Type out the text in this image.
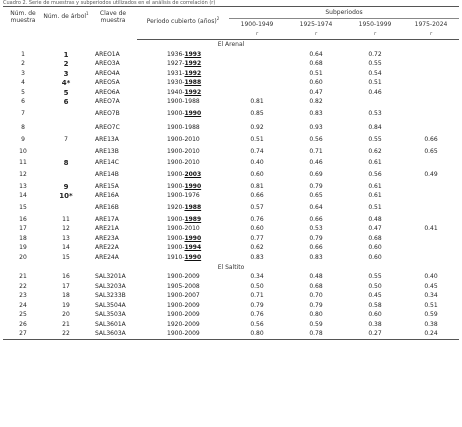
Cuadro 2. Serie de muestras y subperiodos utilizados en el análisis de correlación (r)
Núm. de muestra	Núm. de árbol$^1$	Clave de muestra	Periodo cubierto (años)$^2$	Subperiodos			
				1900-1949	1925-1974	1950-1999	1975-2024
				r	r	r	r
El Arenal							
1	1	AREO1A	1936-1993		0.64	0.72	
2	2	AREO3A	1927-1992		0.68	0.55	
3	3	AREO4A	1931-1992		0.51	0.54	
4	4*	AREO5A	1930-1988		0.60	0.51	
5	5	AREO6A	1940-1992		0.47	0.46	
6	6	AREO7A	1900-1988	0.81	0.82		
7		AREO7B	1900-1990	0.85	0.83	0.53	
8		AREO7C	1900-1988	0.92	0.93	0.84	
9	7	ARE13A	1900-2010	0.51	0.56	0.55	0.66
10		ARE13B	1900-2010	0.74	0.71	0.62	0.65
11	8	ARE14C	1900-2010	0.40	0.46	0.61	
12		ARE14B	1900-2003	0.60	0.69	0.56	0.49
13	9	ARE15A	1900-1990	0.81	0.79	0.61	
14	10*	ARE16A	1900-1976	0.66	0.65	0.61	
15		ARE16B	1920-1988	0.57	0.64	0.51	
16	11	ARE17A	1900-1989	0.76	0.66	0.48	
17	12	ARE21A	1900-2010	0.60	0.53	0.47	0.41
18	13	ARE23A	1900-1990	0.77	0.79	0.68	
19	14	ARE22A	1900-1994	0.62	0.66	0.60	
20	15	ARE24A	1910-1990	0.83	0.83	0.60	
El Saltito							
21	16	SAL3201A	1900-2009	0.34	0.48	0.55	0.40
22	17	SAL3203A	1905-2008	0.50	0.68	0.50	0.45
23	18	SAL3233B	1900-2007	0.71	0.70	0.45	0.34
24	19	SAL3504A	1900-2009	0.79	0.79	0.58	0.51
25	20	SAL3503A	1900-2009	0.76	0.80	0.60	0.59
26	21	SAL3601A	1920-2009	0.56	0.59	0.38	0.38
27	22	SAL3603A	1900-2009	0.80	0.78	0.27	0.24
